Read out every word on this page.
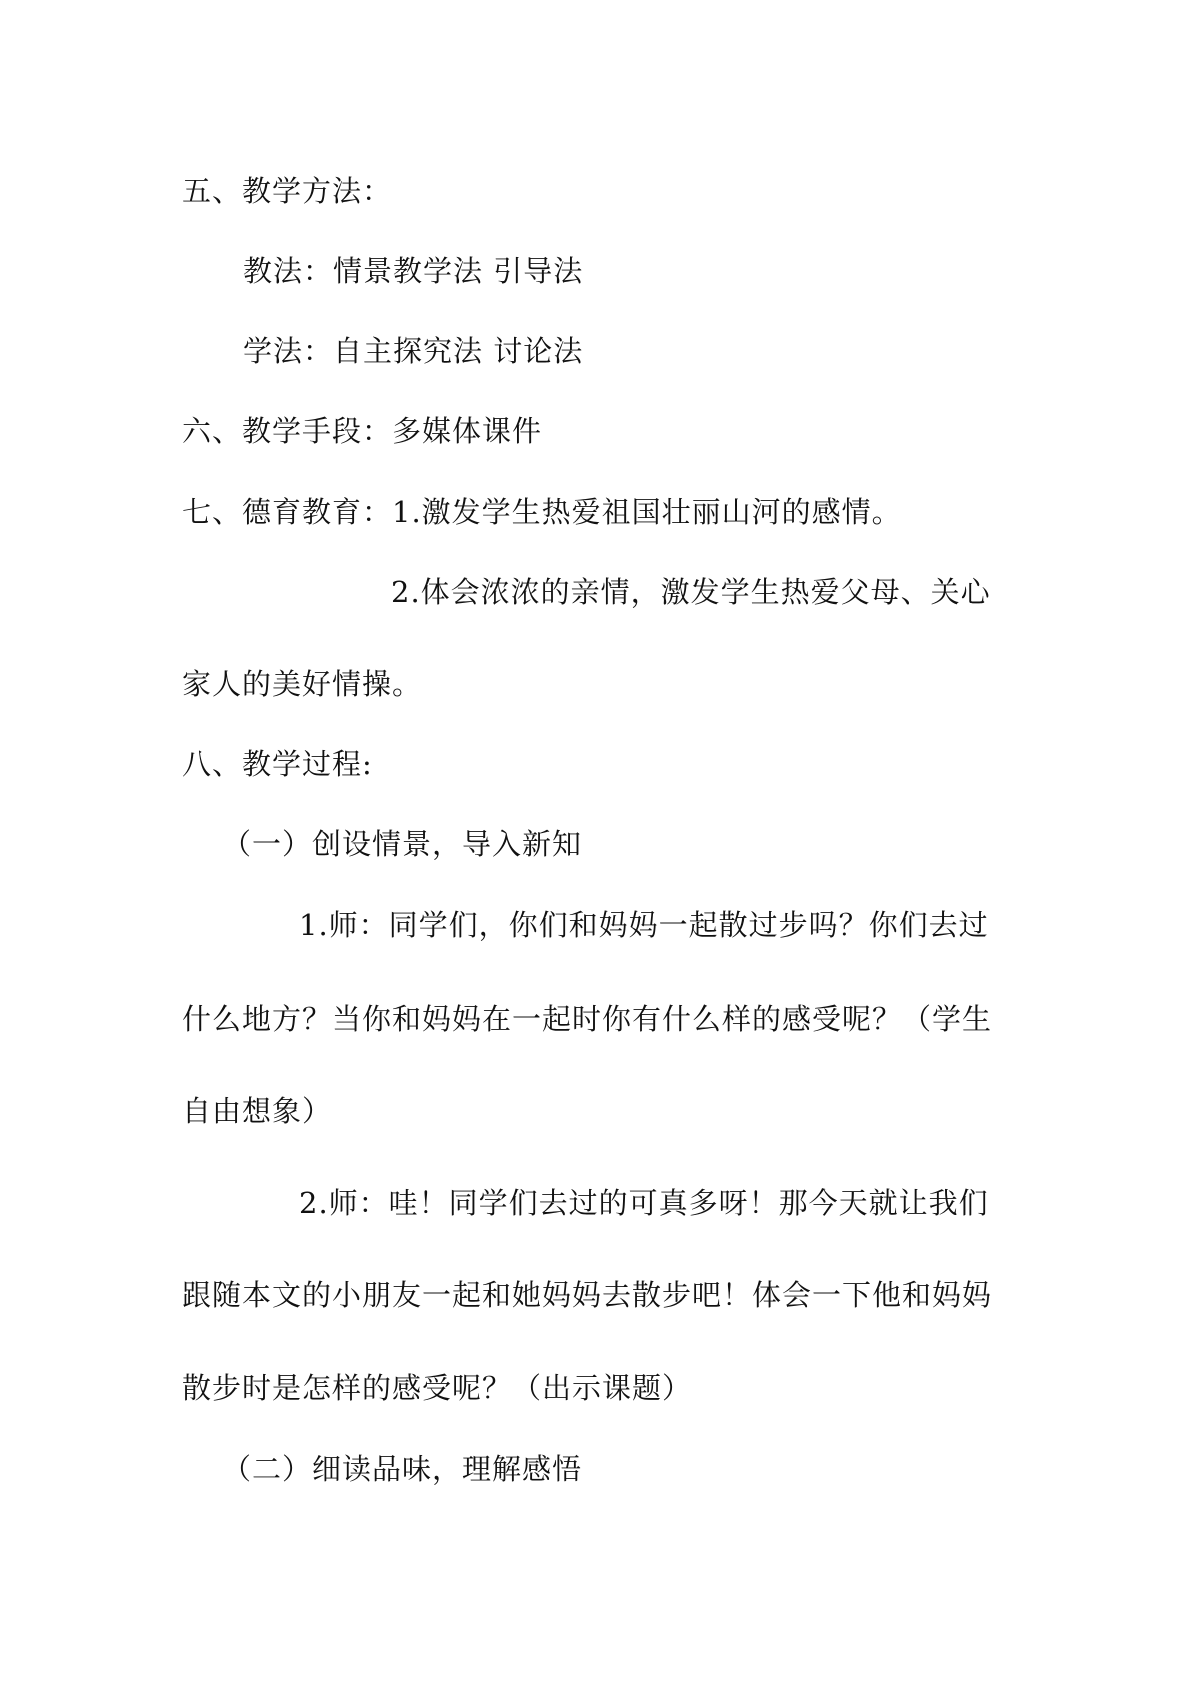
五、教学方法：
教法：情景教学法 引导法
学法：自主探究法 讨论法
六、教学手段：多媒体课件
七、德育教育：1.激发学生热爱祖国壮丽山河的感情。
2.体会浓浓的亲情，激发学生热爱父母、关心
家人的美好情操。
八、教学过程:
（一）创设情景，导入新知
1.师：同学们，你们和妈妈一起散过步吗？你们去过
什么地方？当你和妈妈在一起时你有什么样的感受呢？（学生
自由想象）
2.师：哇！同学们去过的可真多呀！那今天就让我们
跟随本文的小朋友一起和她妈妈去散步吧！体会一下他和妈妈
散步时是怎样的感受呢？（出示课题）
（二）细读品味，理解感悟
